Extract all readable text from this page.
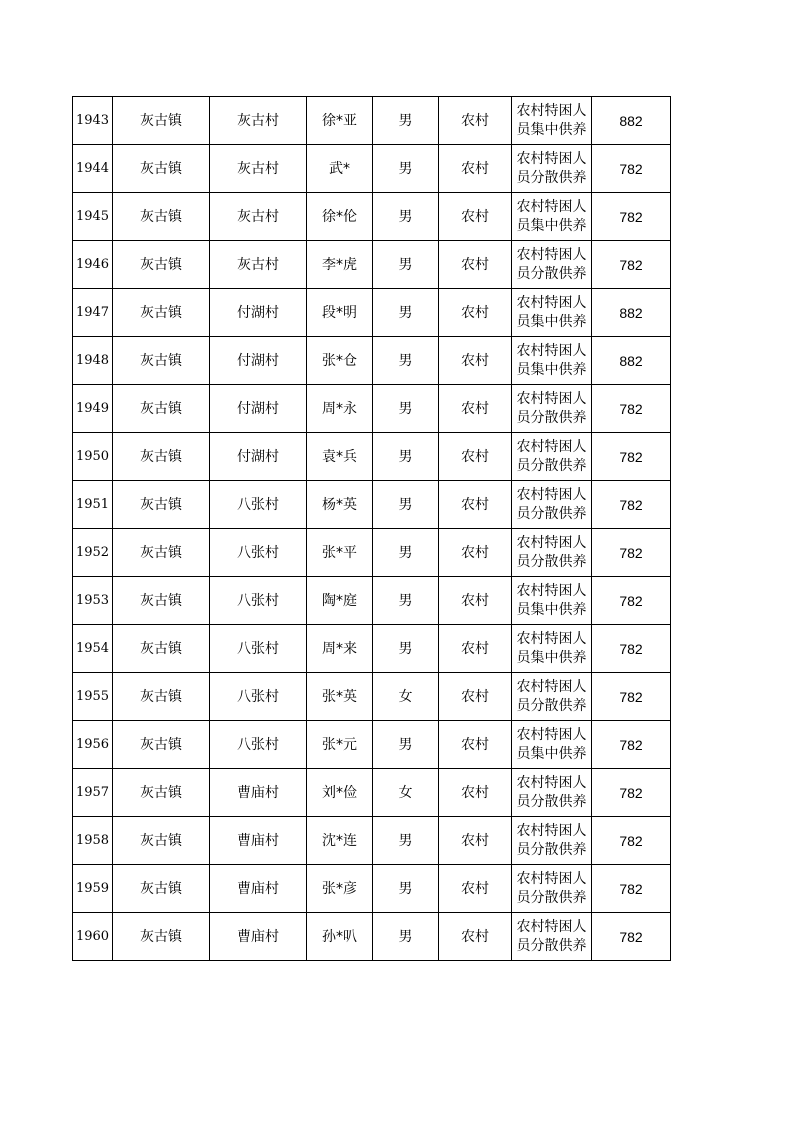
1943	灰古镇	灰古村	徐*亚	男	农村	农村特困人
员集中供养	882
1944	灰古镇	灰古村	武*	男	农村	农村特困人
员分散供养	782
1945	灰古镇	灰古村	徐*伦	男	农村	农村特困人
员集中供养	782
1946	灰古镇	灰古村	李*虎	男	农村	农村特困人
员分散供养	782
1947	灰古镇	付湖村	段*明	男	农村	农村特困人
员集中供养	882
1948	灰古镇	付湖村	张*仓	男	农村	农村特困人
员集中供养	882
1949	灰古镇	付湖村	周*永	男	农村	农村特困人
员分散供养	782
1950	灰古镇	付湖村	袁*兵	男	农村	农村特困人
员分散供养	782
1951	灰古镇	八张村	杨*英	男	农村	农村特困人
员分散供养	782
1952	灰古镇	八张村	张*平	男	农村	农村特困人
员分散供养	782
1953	灰古镇	八张村	陶*庭	男	农村	农村特困人
员集中供养	782
1954	灰古镇	八张村	周*来	男	农村	农村特困人
员集中供养	782
1955	灰古镇	八张村	张*英	女	农村	农村特困人
员分散供养	782
1956	灰古镇	八张村	张*元	男	农村	农村特困人
员集中供养	782
1957	灰古镇	曹庙村	刘*俭	女	农村	农村特困人
员分散供养	782
1958	灰古镇	曹庙村	沈*连	男	农村	农村特困人
员分散供养	782
1959	灰古镇	曹庙村	张*彦	男	农村	农村特困人
员分散供养	782
1960	灰古镇	曹庙村	孙*叭	男	农村	农村特困人
员分散供养	782
